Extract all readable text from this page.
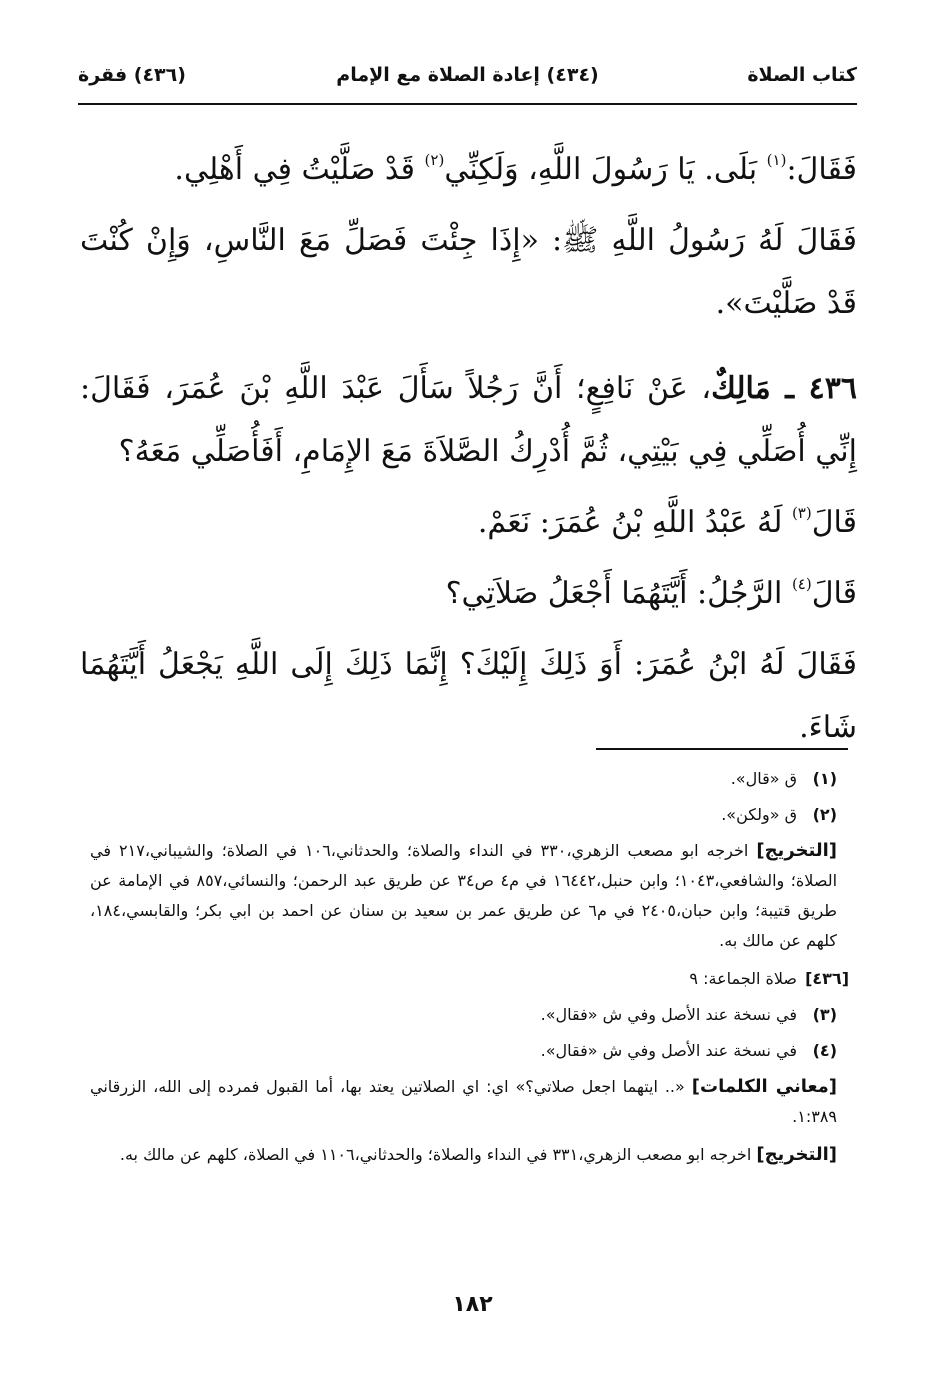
كتاب الصلاة
(٤٣٤) إعادة الصلاة مع الإمام
(٤٣٦) فقرة

فَقَالَ:$^{(١)}$ بَلَى. يَا رَسُولَ اللَّهِ، وَلَكِنِّي$^{(٢)}$ قَدْ صَلَّيْتُ فِي أَهْلِي.

فَقَالَ لَهُ رَسُولُ اللَّهِ ﷺ: «إِذَا جِئْتَ فَصَلِّ مَعَ النَّاسِ، وَإِنْ كُنْتَ قَدْ صَلَّيْتَ».

٤٣٦ ـ مَالِكٌ، عَنْ نَافِعٍ؛ أَنَّ رَجُلاً سَأَلَ عَبْدَ اللَّهِ بْنَ عُمَرَ، فَقَالَ: إِنِّي أُصَلِّي فِي بَيْتِي، ثُمَّ أُدْرِكُ الصَّلاَةَ مَعَ الإِمَامِ، أَفَأُصَلِّي مَعَهُ؟

قَالَ$^{(٣)}$ لَهُ عَبْدُ اللَّهِ بْنُ عُمَرَ: نَعَمْ.

قَالَ$^{(٤)}$ الرَّجُلُ: أَيَّتَهُمَا أَجْعَلُ صَلاَتِي؟

فَقَالَ لَهُ ابْنُ عُمَرَ: أَوَ ذَلِكَ إِلَيْكَ؟ إِنَّمَا ذَلِكَ إِلَى اللَّهِ يَجْعَلُ أَيَّتَهُمَا شَاءَ.

(١)
ق «قال».
(٢)
ق «ولكن».
[التخريج] اخرجه ابو مصعب الزهري،٣٣٠ في النداء والصلاة؛ والحدثاني،١٠٦ في الصلاة؛ والشيباني،٢١٧ في الصلاة؛ والشافعي،١٠٤٣؛ وابن حنبل،١٦٤٤٢ في م٤ ص٣٤ عن طريق عبد الرحمن؛ والنسائي،٨٥٧ في الإمامة عن طريق قتيبة؛ وابن حبان،٢٤٠٥ في م٦ عن طريق عمر بن سعيد بن سنان عن احمد بن ابي بكر؛ والقابسي،١٨٤، كلهم عن مالك به.
[٤٣٦]
صلاة الجماعة: ٩
(٣)
في نسخة عند الأصل وفي ش «فقال».
(٤)
في نسخة عند الأصل وفي ش «فقال».
[معاني الكلمات] «.. ايتهما اجعل صلاتي؟» اي: اي الصلاتين يعتد بها، أما القبول فمرده إلى الله، الزرقاني ١:٣٨٩.
[التخريج] اخرجه ابو مصعب الزهري،٣٣١ في النداء والصلاة؛ والحدثاني،١١٠٦ في الصلاة، كلهم عن مالك به.
١٨٢
